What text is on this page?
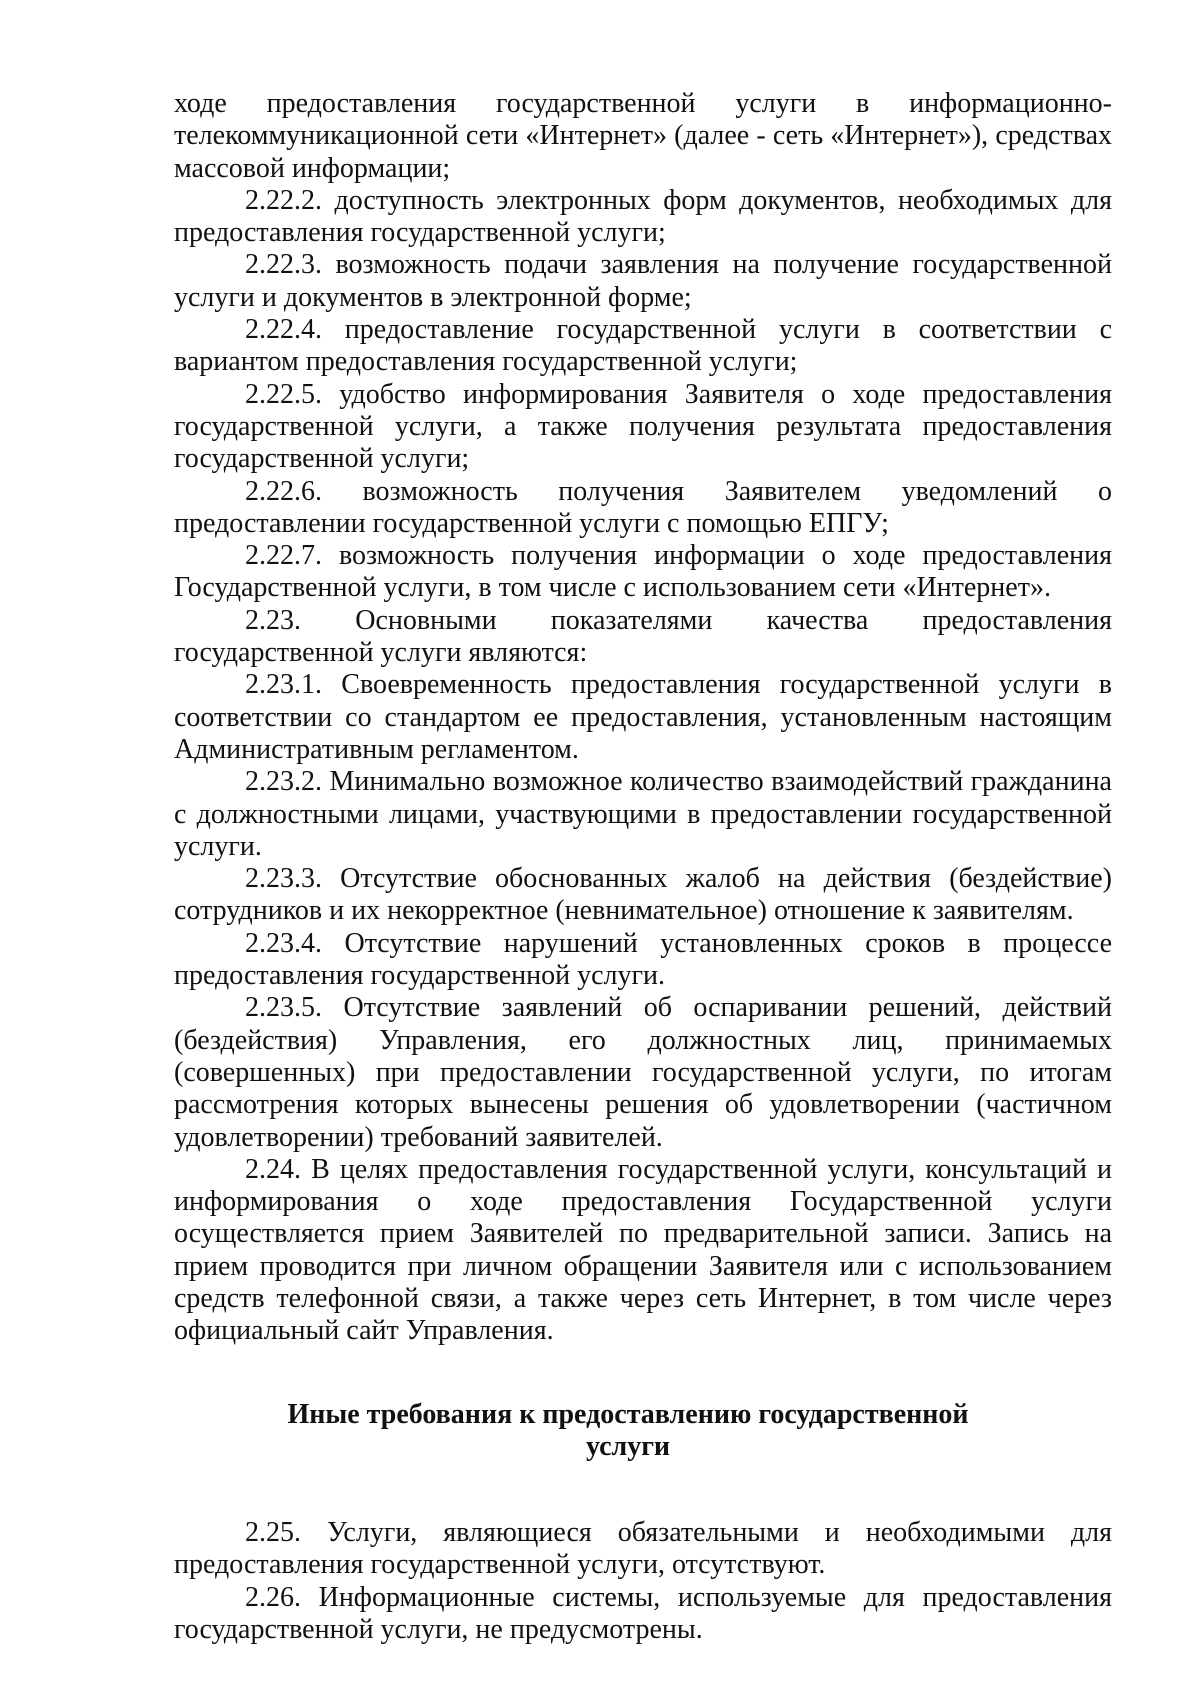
ходе предоставления государственной услуги в информационно-телекоммуникационной сети «Интернет» (далее - сеть «Интернет»), средствах массовой информации;

2.22.2. доступность электронных форм документов, необходимых для предоставления государственной услуги;

2.22.3. возможность подачи заявления на получение государственной услуги и документов в электронной форме;

2.22.4. предоставление государственной услуги в соответствии с вариантом предоставления государственной услуги;

2.22.5. удобство информирования Заявителя о ходе предоставления государственной услуги, а также получения результата предоставления государственной услуги;

2.22.6. возможность получения Заявителем уведомлений о предоставлении государственной услуги с помощью ЕПГУ;

2.22.7. возможность получения информации о ходе предоставления Государственной услуги, в том числе с использованием сети «Интернет».

2.23. Основными показателями качества предоставления государственной услуги являются:

2.23.1. Своевременность предоставления государственной услуги в соответствии со стандартом ее предоставления, установленным настоящим Административным регламентом.

2.23.2. Минимально возможное количество взаимодействий гражданина с должностными лицами, участвующими в предоставлении государственной услуги.

2.23.3. Отсутствие обоснованных жалоб на действия (бездействие) сотрудников и их некорректное (невнимательное) отношение к заявителям.

2.23.4. Отсутствие нарушений установленных сроков в процессе предоставления государственной услуги.

2.23.5. Отсутствие заявлений об оспаривании решений, действий (бездействия) Управления, его должностных лиц, принимаемых (совершенных) при предоставлении государственной услуги, по итогам рассмотрения которых вынесены решения об удовлетворении (частичном удовлетворении) требований заявителей.

2.24. В целях предоставления государственной услуги, консультаций и информирования о ходе предоставления Государственной услуги осуществляется прием Заявителей по предварительной записи. Запись на прием проводится при личном обращении Заявителя или с использованием средств телефонной связи, а также через сеть Интернет, в том числе через официальный сайт Управления.

Иные требования к предоставлению государственной
услуги

2.25. Услуги, являющиеся обязательными и необходимыми для предоставления государственной услуги, отсутствуют.

2.26. Информационные системы, используемые для предоставления государственной услуги, не предусмотрены.
